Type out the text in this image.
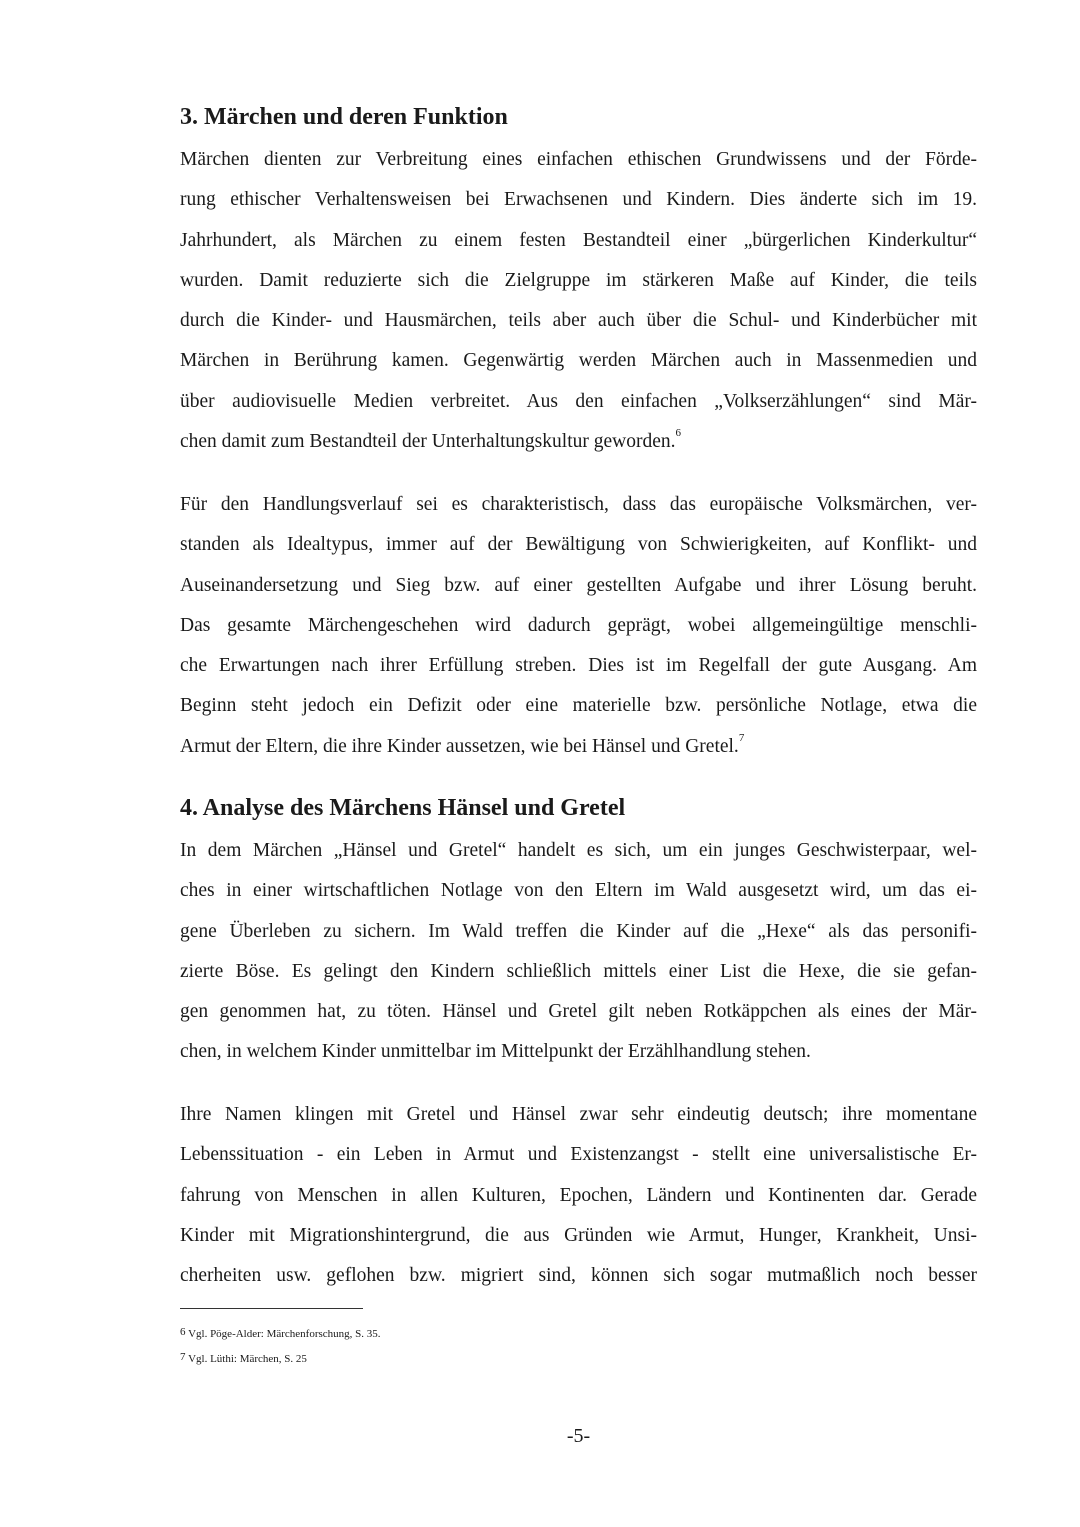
3. Märchen und deren Funktion
Märchen dienten zur Verbreitung eines einfachen ethischen Grundwissens und der Förde-
rung ethischer Verhaltensweisen bei Erwachsenen und Kindern. Dies änderte sich im 19.
Jahrhundert, als Märchen zu einem festen Bestandteil einer „bürgerlichen Kinderkultur“
wurden. Damit reduzierte sich die Zielgruppe im stärkeren Maße auf Kinder, die teils
durch die Kinder- und Hausmärchen, teils aber auch über die Schul- und Kinderbücher mit
Märchen in Berührung kamen. Gegenwärtig werden Märchen auch in Massenmedien und
über audiovisuelle Medien verbreitet. Aus den einfachen „Volkserzählungen“ sind Mär-
chen damit zum Bestandteil der Unterhaltungskultur geworden.$^6$
Für den Handlungsverlauf sei es charakteristisch, dass das europäische Volksmärchen, ver-
standen als Idealtypus, immer auf der Bewältigung von Schwierigkeiten, auf Konflikt- und
Auseinandersetzung und Sieg bzw. auf einer gestellten Aufgabe und ihrer Lösung beruht.
Das gesamte Märchengeschehen wird dadurch geprägt, wobei allgemeingültige menschli-
che Erwartungen nach ihrer Erfüllung streben. Dies ist im Regelfall der gute Ausgang. Am
Beginn steht jedoch ein Defizit oder eine materielle bzw. persönliche Notlage, etwa die
Armut der Eltern, die ihre Kinder aussetzen, wie bei Hänsel und Gretel.$^7$
4. Analyse des Märchens Hänsel und Gretel
In dem Märchen „Hänsel und Gretel“ handelt es sich, um ein junges Geschwisterpaar, wel-
ches in einer wirtschaftlichen Notlage von den Eltern im Wald ausgesetzt wird, um das ei-
gene Überleben zu sichern. Im Wald treffen die Kinder auf die „Hexe“ als das personifi-
zierte Böse. Es gelingt den Kindern schließlich mittels einer List die Hexe, die sie gefan-
gen genommen hat, zu töten. Hänsel und Gretel gilt neben Rotkäppchen als eines der Mär-
chen, in welchem Kinder unmittelbar im Mittelpunkt der Erzählhandlung stehen.
Ihre Namen klingen mit Gretel und Hänsel zwar sehr eindeutig deutsch; ihre momentane
Lebenssituation - ein Leben in Armut und Existenzangst - stellt eine universalistische Er-
fahrung von Menschen in allen Kulturen, Epochen, Ländern und Kontinenten dar. Gerade
Kinder mit Migrationshintergrund, die aus Gründen wie Armut, Hunger, Krankheit, Unsi-
cherheiten usw. geflohen bzw. migriert sind, können sich sogar mutmaßlich noch besser
6 Vgl. Pöge-Alder: Märchenforschung, S. 35.
7 Vgl. Lüthi: Märchen, S. 25
-5-
